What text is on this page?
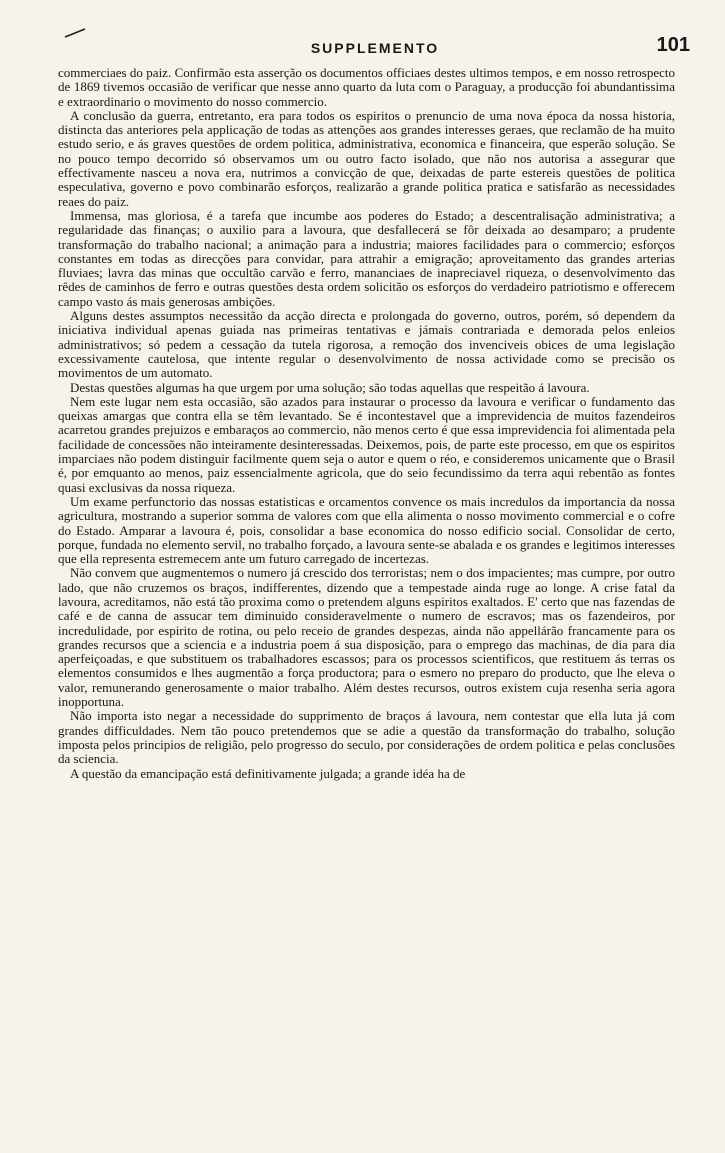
SUPPLEMENTO	101

commerciaes do paiz. Confirmão esta asserção os documentos officiaes destes ultimos tempos, e em nosso retrospecto de 1869 tivemos occasião de verificar que nesse anno quarto da luta com o Paraguay, a producção foi abundantissima e extraordinario o movimento do nosso commercio.

A conclusão da guerra, entretanto, era para todos os espiritos o prenuncio de uma nova época da nossa historia, distincta das anteriores pela applicação de todas as attenções aos grandes interesses geraes, que reclamão de ha muito estudo serio, e ás graves questões de ordem politica, administrativa, economica e financeira, que esperão solução. Se no pouco tempo decorrido só observamos um ou outro facto isolado, que não nos autorisa a assegurar que effectivamente nasceu a nova era, nutrimos a convicção de que, deixadas de parte estereis questões de politica especulativa, governo e povo combinarão esforços, realizarão a grande politica pratica e satisfarão as necessidades reaes do paiz.

Immensa, mas gloriosa, é a tarefa que incumbe aos poderes do Estado; a descentralisação administrativa; a regularidade das finanças; o auxilio para a lavoura, que desfallecerá se fôr deixada ao desamparo; a prudente transformação do trabalho nacional; a animação para a industria; maiores facilidades para o commercio; esforços constantes em todas as direcções para convidar, para attrahir a emigração; aproveitamento das grandes arterias fluviaes; lavra das minas que occultão carvão e ferro, mananciaes de inapreciavel riqueza, o desenvolvimento das rêdes de caminhos de ferro e outras questões desta ordem solicitão os esforços do verdadeiro patriotismo e offerecem campo vasto ás mais generosas ambições.

Alguns destes assumptos necessitão da acção directa e prolongada do governo, outros, porém, só dependem da iniciativa individual apenas guiada nas primeiras tentativas e jámais contrariada e demorada pelos enleios administrativos; só pedem a cessação da tutela rigorosa, a remoção dos invenciveis obices de uma legislação excessivamente cautelosa, que intente regular o desenvolvimento de nossa actividade como se precisão os movimentos de um automato.

Destas questões algumas ha que urgem por uma solução; são todas aquellas que respeitão á lavoura.

Nem este lugar nem esta occasião, são azados para instaurar o processo da lavoura e verificar o fundamento das queixas amargas que contra ella se têm levantado. Se é incontestavel que a imprevidencia de muitos fazendeiros acarretou grandes prejuizos e embaraços ao commercio, não menos certo é que essa imprevidencia foi alimentada pela facilidade de concessões não inteiramente desinteressadas. Deixemos, pois, de parte este processo, em que os espiritos imparciaes não podem distinguir facilmente quem seja o autor e quem o réo, e consideremos unicamente que o Brasil é, por emquanto ao menos, paiz essencialmente agricola, que do seio fecundissimo da terra aqui rebentão as fontes quasi exclusivas da nossa riqueza.

Um exame perfunctorio das nossas estatisticas e orcamentos convence os mais incredulos da importancia da nossa agricultura, mostrando a superior somma de valores com que ella alimenta o nosso movimento commercial e o cofre do Estado. Amparar a lavoura é, pois, consolidar a base economica do nosso edificio social. Consolidar de certo, porque, fundada no elemento servil, no trabalho forçado, a lavoura sente-se abalada e os grandes e legitimos interesses que ella representa estremecem ante um futuro carregado de incertezas.

Não convem que augmentemos o numero já crescido dos terroristas; nem o dos impacientes; mas cumpre, por outro lado, que não cruzemos os braços, indifferentes, dizendo que a tempestade ainda ruge ao longe. A crise fatal da lavoura, acreditamos, não está tão proxima como o pretendem alguns espiritos exaltados. E' certo que nas fazendas de café e de canna de assucar tem diminuido consideravelmente o numero de escravos; mas os fazendeiros, por incredulidade, por espirito de rotina, ou pelo receio de grandes despezas, ainda não appellárão francamente para os grandes recursos que a sciencia e a industria poem á sua disposição, para o emprego das machinas, de dia para dia aperfeiçoadas, e que substituem os trabalhadores escassos; para os processos scientificos, que restituem ás terras os elementos consumidos e lhes augmentão a força productora; para o esmero no preparo do producto, que lhe eleva o valor, remunerando generosamente o maior trabalho. Além destes recursos, outros existem cuja resenha seria agora inopportuna.

Não importa isto negar a necessidade do supprimento de braços á lavoura, nem contestar que ella luta já com grandes difficuldades. Nem tão pouco pretendemos que se adie a questão da transformação do trabalho, solução imposta pelos principios de religião, pelo progresso do seculo, por considerações de ordem politica e pelas conclusões da sciencia.

A questão da emancipação está definitivamente julgada; a grande idéa ha de
